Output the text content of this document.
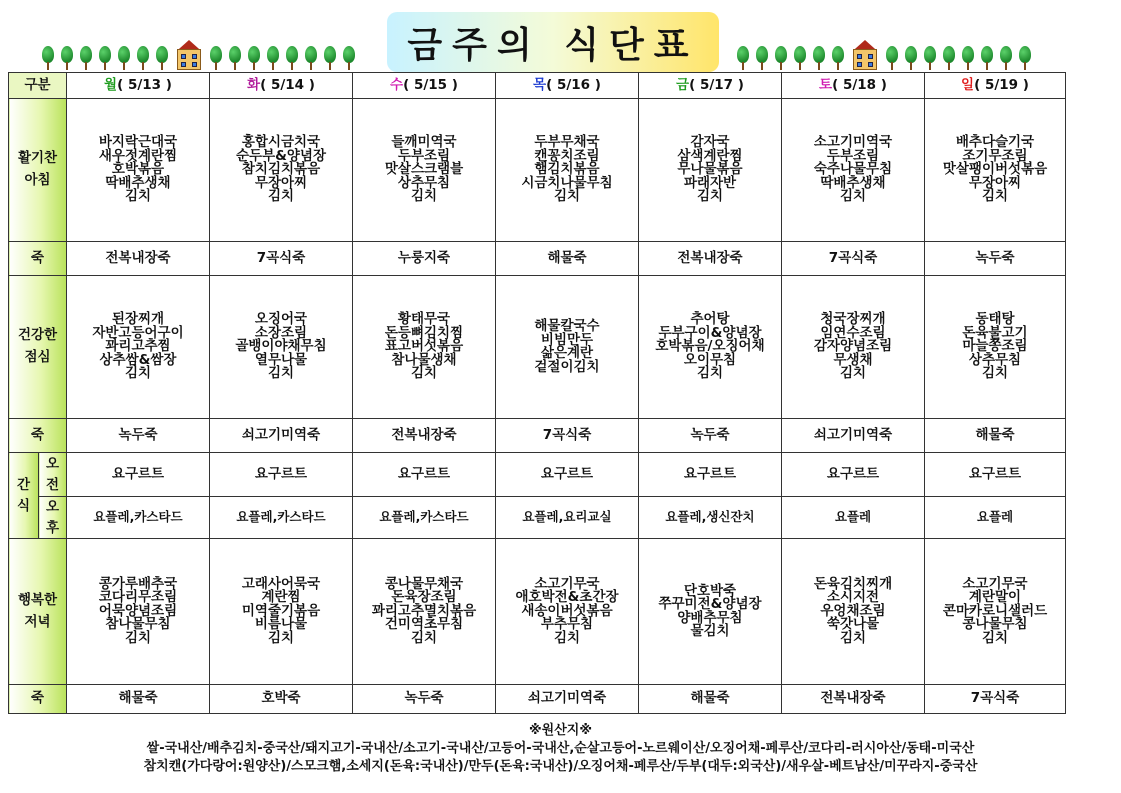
금주의 식단표
구분		월( 5/13 )	화( 5/14 )	수( 5/15 )	목( 5/16 )	금( 5/17 )	토( 5/18 )	일( 5/19 )

활기찬 아침		바지락근대국
새우젓계란찜
호박볶음
딱배추생채
김치	홍합시금치국
순두부&양념장
참치김치볶음
무장아찌
김치	들깨미역국
두부조림
맛살스크램블
상추무침
김치	두부무채국
캔꽁치조림
햄김치볶음
시금치나물무침
김치	감자국
삼색계란찜
무나물볶음
파래자반
김치	소고기미역국
두부조림
숙주나물무침
딱배추생채
김치	배추다슬기국
조기무조림
맛살팽이버섯볶음
무장아찌
김치

죽		전복내장죽	7곡식죽	누룽지죽	해물죽	전복내장죽	7곡식죽	녹두죽

건강한 점심		된장찌개
자반고등어구이
꽈리고추찜
상추쌈&쌈장
김치	오징어국
소장조림
골뱅이야채무침
열무나물
김치	황태무국
돈등뼈김치찜
표고버섯볶음
참나물생채
김치	해물칼국수
비빔만두
삶은계란
겉절이김치	추어탕
두부구이&양념장
호박볶음/오징어채
오이무침
김치	청국장찌개
임연수조림
감자양념조림
무생채
김치	동태탕
돈육불고기
마늘쫑조림
상추무침
김치

죽		녹두죽	쇠고기미역죽	전복내장죽	7곡식죽	녹두죽	쇠고기미역죽	해물죽

간식	오전	요구르트	요구르트	요구르트	요구르트	요구르트	요구르트	요구르트

	오후	요플레,카스타드	요플레,카스타드	요플레,카스타드	요플레,요리교실	요플레,생신잔치	요플레	요플레

행복한 저녁		콩가루배추국
코다리무조림
어묵양념조림
참나물무침
김치	고래사어묵국
계란찜
미역줄기볶음
비름나물
김치	콩나물무채국
돈육장조림
꽈리고추멸치볶음
건미역초무침
김치	소고기무국
애호박전&초간장
새송이버섯볶음
부추무침
김치	단호박죽
쭈꾸미전&양념장
양배추무침
물김치	돈육김치찌개
소시지전
우엉채조림
쑥갓나물
김치	소고기무국
계란말이
콘마카로니샐러드
콩나물무침
김치

죽		해물죽	호박죽	녹두죽	쇠고기미역죽	해물죽	전복내장죽	7곡식죽
※원산지※
쌀-국내산/배추김치-중국산/돼지고기-국내산/소고기-국내산/고등어-국내산,순살고등어-노르웨이산/오징어채-페루산/코다리-러시아산/동태-미국산
참치캔(가다랑어:원양산)/스모크햄,소세지(돈육:국내산)/만두(돈육:국내산)/오징어채-페루산/두부(대두:외국산)/새우살-베트남산/미꾸라지-중국산
